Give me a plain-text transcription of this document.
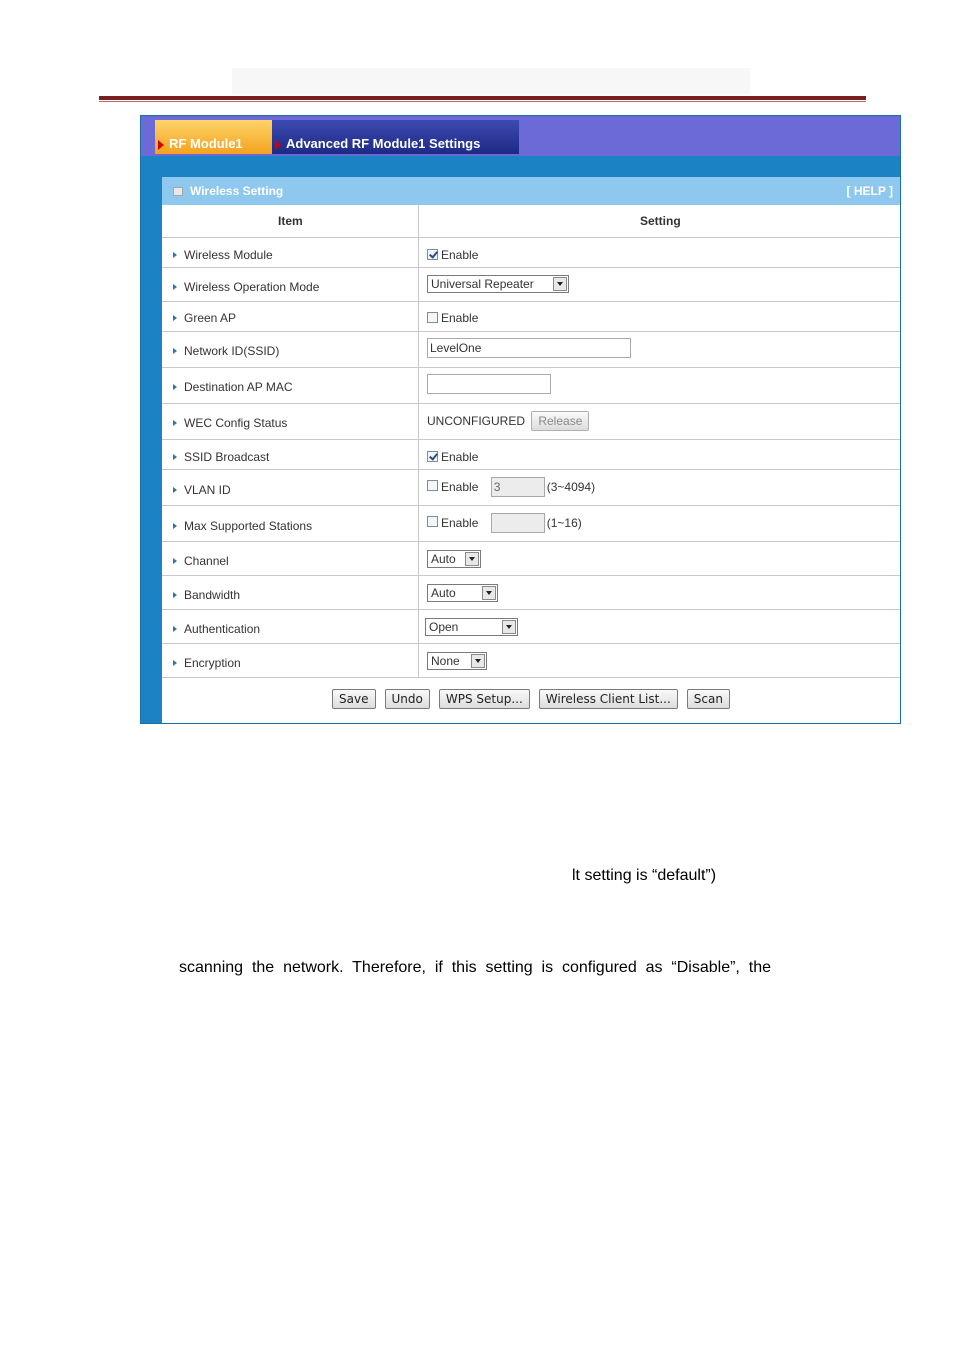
RF Module1	Advanced RF Module1 Settings
Wireless Setting	[ HELP ]
Item	Setting
Wireless Module	Enable
Wireless Operation Mode	Universal Repeater
Green AP	Enable
Network ID(SSID)	LevelOne
Destination AP MAC
WEC Config Status	UNCONFIGURED Release
SSID Broadcast	Enable
VLAN ID	Enable 3	(3~4094)
Max Supported Stations	Enable	(1~16)
Channel	Auto
Bandwidth	Auto
Authentication	Open
Encryption	None
Save Undo WPS Setup... Wireless Client List... Scan
lt setting is “default”)
scanning  the  network.  Therefore,  if  this  setting  is  configured  as  “Disable”,  the
